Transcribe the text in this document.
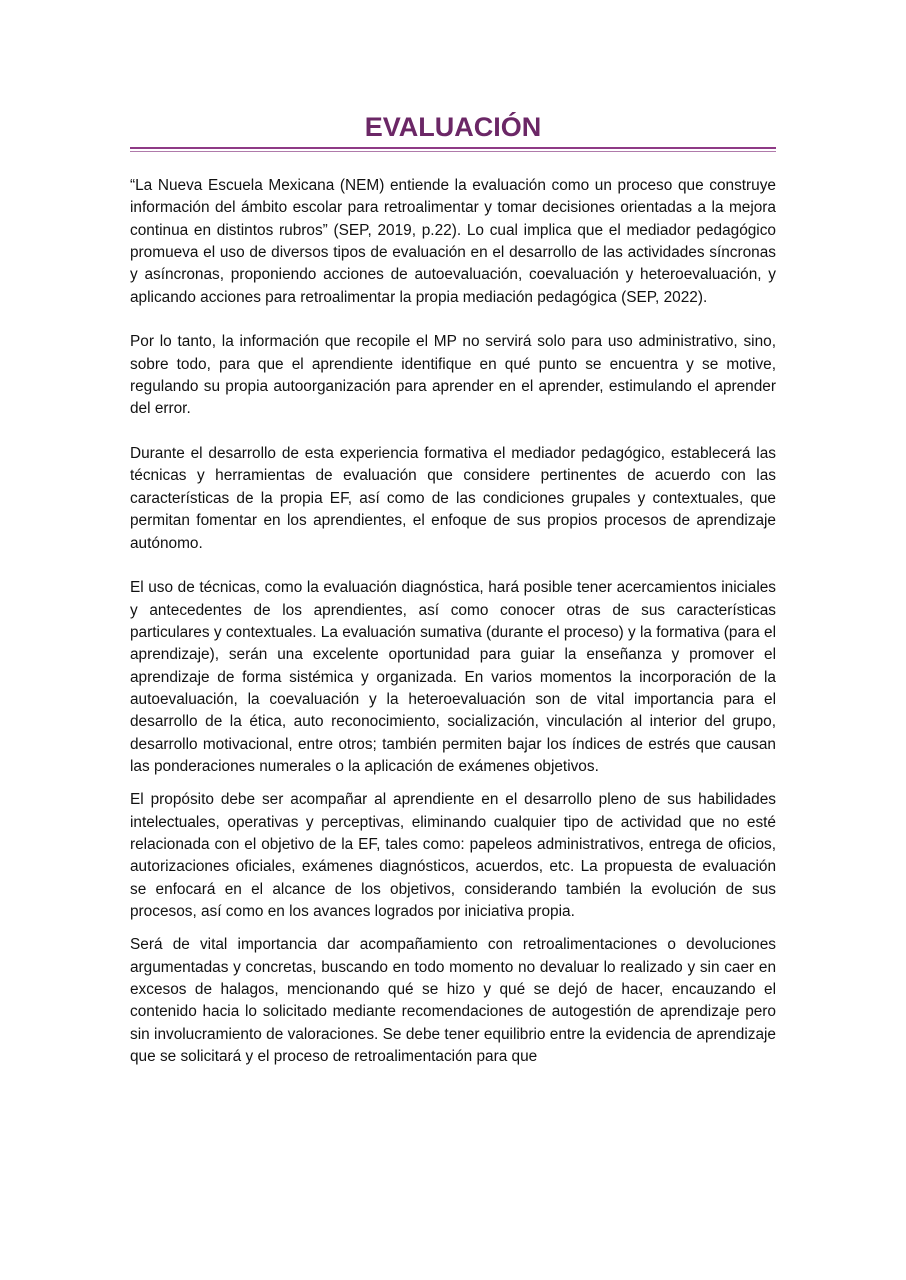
EVALUACIÓN

“La Nueva Escuela Mexicana (NEM) entiende la evaluación como un proceso que construye información del ámbito escolar para retroalimentar y tomar decisiones orientadas a la mejora continua en distintos rubros” (SEP, 2019, p.22). Lo cual implica que el mediador pedagógico promueva el uso de diversos tipos de evaluación en el desarrollo de las actividades síncronas y asíncronas, proponiendo acciones de autoevaluación, coevaluación y heteroevaluación, y aplicando acciones para retroalimentar la propia mediación pedagógica (SEP, 2022).

Por lo tanto, la información que recopile el MP no servirá solo para uso administrativo, sino, sobre todo, para que el aprendiente identifique en qué punto se encuentra y se motive, regulando su propia autoorganización para aprender en el aprender, estimulando el aprender del error.

Durante el desarrollo de esta experiencia formativa el mediador pedagógico, establecerá las técnicas y herramientas de evaluación que considere pertinentes de acuerdo con las características de la propia EF, así como de las condiciones grupales y contextuales, que permitan fomentar en los aprendientes, el enfoque de sus propios procesos de aprendizaje autónomo.

El uso de técnicas, como la evaluación diagnóstica, hará posible tener acercamientos iniciales y antecedentes de los aprendientes, así como conocer otras de sus características particulares y contextuales. La evaluación sumativa (durante el proceso) y la formativa (para el aprendizaje), serán una excelente oportunidad para guiar la enseñanza y promover el aprendizaje de forma sistémica y organizada. En varios momentos la incorporación de la autoevaluación, la coevaluación y la heteroevaluación son de vital importancia para el desarrollo de la ética, auto reconocimiento, socialización, vinculación al interior del grupo, desarrollo motivacional, entre otros; también permiten bajar los índices de estrés que causan las ponderaciones numerales o la aplicación de exámenes objetivos.

El propósito debe ser acompañar al aprendiente en el desarrollo pleno de sus habilidades intelectuales, operativas y perceptivas, eliminando cualquier tipo de actividad que no esté relacionada con el objetivo de la EF, tales como: papeleos administrativos, entrega de oficios, autorizaciones oficiales, exámenes diagnósticos, acuerdos, etc. La propuesta de evaluación se enfocará en el alcance de los objetivos, considerando también la evolución de sus procesos, así como en los avances logrados por iniciativa propia.

Será de vital importancia dar acompañamiento con retroalimentaciones o devoluciones argumentadas y concretas, buscando en todo momento no devaluar lo realizado y sin caer en excesos de halagos, mencionando qué se hizo y qué se dejó de hacer, encauzando el contenido hacia lo solicitado mediante recomendaciones de autogestión de aprendizaje pero sin involucramiento de valoraciones. Se debe tener equilibrio entre la evidencia de aprendizaje que se solicitará y el proceso de retroalimentación para que
